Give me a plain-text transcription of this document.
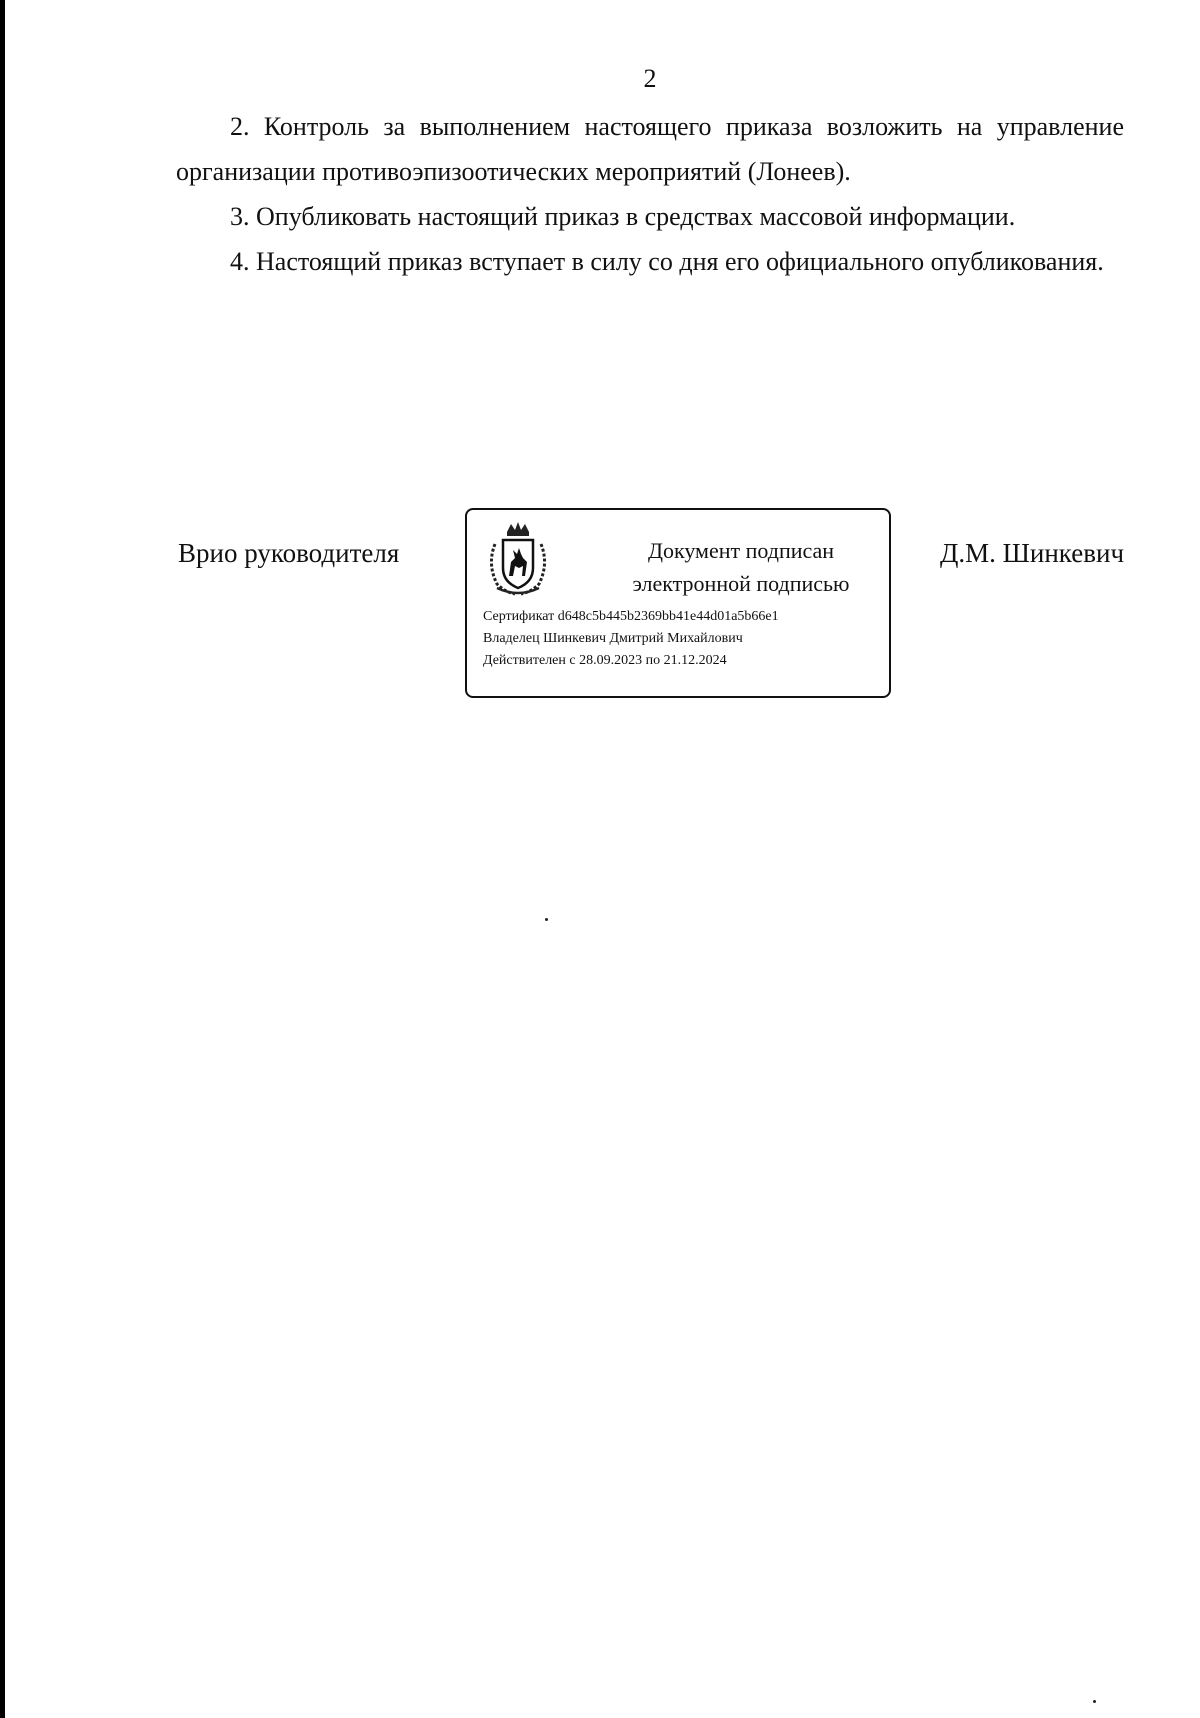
2

2. Контроль за выполнением настоящего приказа возложить на управление организации противоэпизоотических мероприятий (Лонеев).

3. Опубликовать настоящий приказ в средствах массовой информации.

4. Настоящий приказ вступает в силу со дня его официального опубликования.

Врио руководителя	Документ подписан
электронной подписью
Сертификат d648c5b445b2369bb41e44d01a5b66e1
Владелец Шинкевич Дмитрий Михайлович
Действителен с 28.09.2023 по 21.12.2024
Д.М. Шинкевич
